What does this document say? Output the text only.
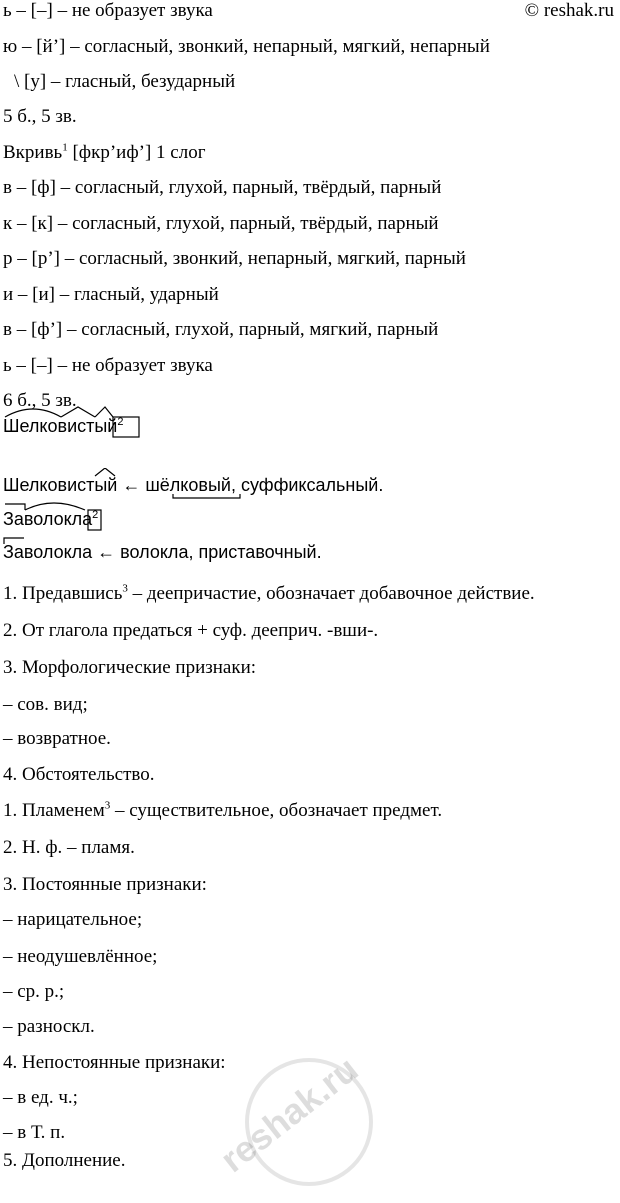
© reshak.ru
reshak.ru
ь – [–] – не образует звука
ю – [й’] – согласный, звонкий, непарный, мягкий, непарный
\ [у] – гласный, безударный
5 б., 5 зв.
Вкривь$^1$ [фкр’иф’] 1 слог
в – [ф] – согласный, глухой, парный, твёрдый, парный
к – [к] – согласный, глухой, парный, твёрдый, парный
р – [р’] – согласный, звонкий, непарный, мягкий, парный
и – [и] – гласный, ударный
в – [ф’] – согласный, глухой, парный, мягкий, парный
ь – [–] – не образует звука
6 б., 5 зв.
Шелковистый$^2$
Шелковистый ← шёлковый, суффиксальный.
Заволокла$^2$
Заволокла ← волокла, приставочный.
1. Предавшись$^3$ – деепричастие, обозначает добавочное действие.
2. От глагола предаться + суф. дееприч. -вши-.
3. Морфологические признаки:
– сов. вид;
– возвратное.
4. Обстоятельство.
1. Пламенем$^3$ – существительное, обозначает предмет.
2. Н. ф. – пламя.
3. Постоянные признаки:
– нарицательное;
– неодушевлённое;
– ср. р.;
– разноскл.
4. Непостоянные признаки:
– в ед. ч.;
– в Т. п.
5. Дополнение.
